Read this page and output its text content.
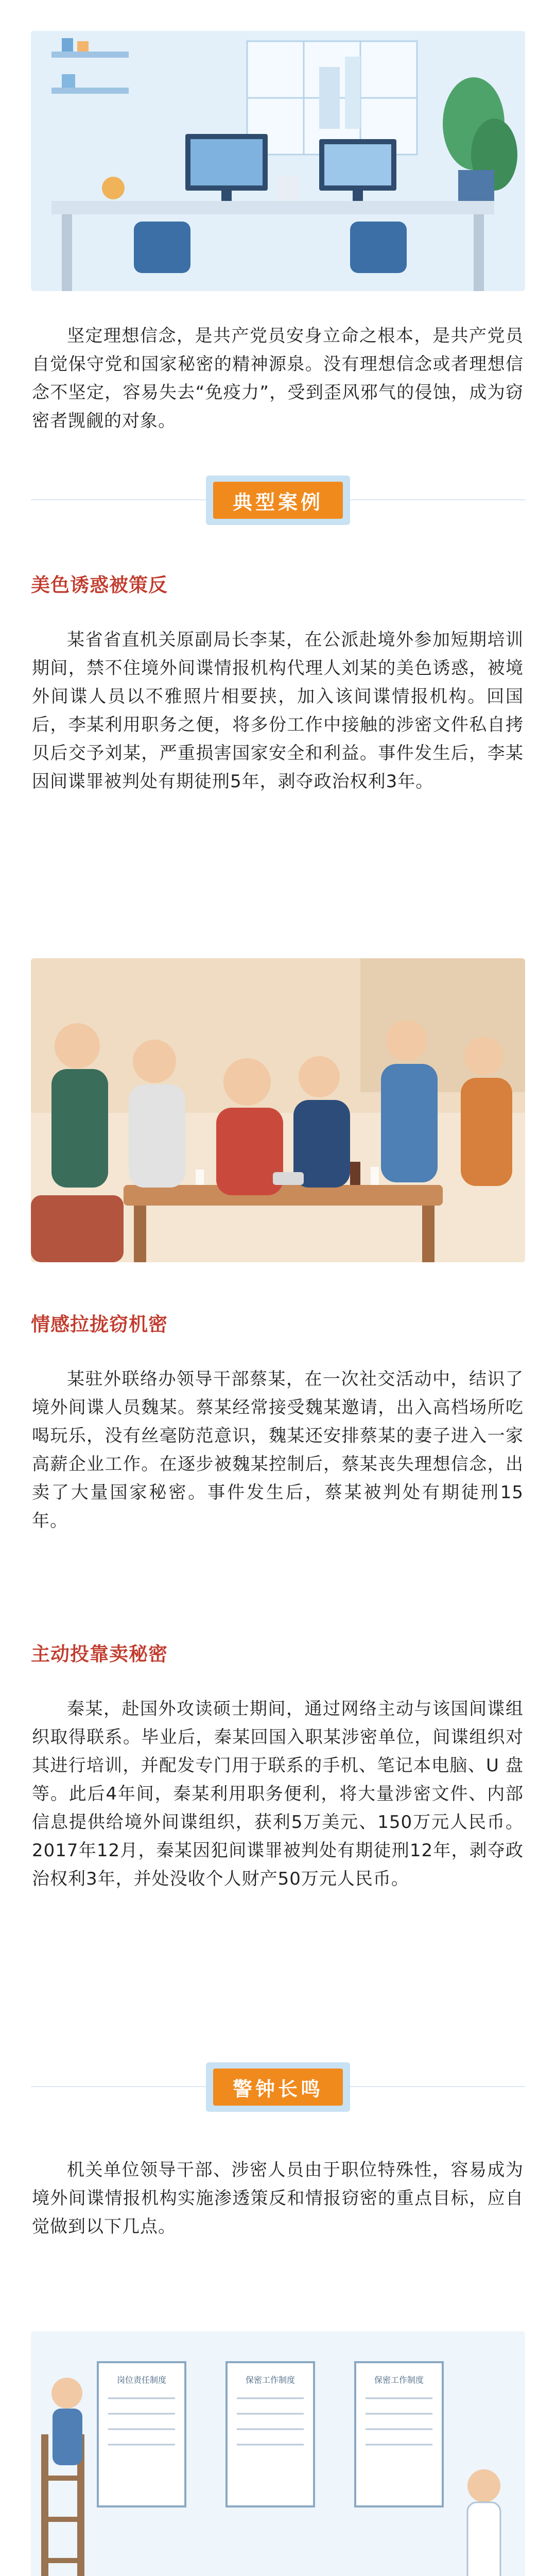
坚定理想信念，是共产党员安身立命之根本，是共产党员自觉保守党和国家秘密的精神源泉。没有理想信念或者理想信念不坚定，容易失去“免疫力”，受到歪风邪气的侵蚀，成为窃密者觊觎的对象。
典型案例
美色诱惑被策反
某省省直机关原副局长李某，在公派赴境外参加短期培训期间，禁不住境外间谍情报机构代理人刘某的美色诱惑，被境外间谍人员以不雅照片相要挟，加入该间谍情报机构。回国后，李某利用职务之便，将多份工作中接触的涉密文件私自拷贝后交予刘某，严重损害国家安全和利益。事件发生后，李某因间谍罪被判处有期徒刑5年，剥夺政治权利3年。
情感拉拢窃机密
某驻外联络办领导干部蔡某，在一次社交活动中，结识了境外间谍人员魏某。蔡某经常接受魏某邀请，出入高档场所吃喝玩乐，没有丝毫防范意识，魏某还安排蔡某的妻子进入一家高薪企业工作。在逐步被魏某控制后，蔡某丧失理想信念，出卖了大量国家秘密。事件发生后，蔡某被判处有期徒刑15年。
主动投靠卖秘密
秦某，赴国外攻读硕士期间，通过网络主动与该国间谍组织取得联系。毕业后，秦某回国入职某涉密单位，间谍组织对其进行培训，并配发专门用于联系的手机、笔记本电脑、U 盘等。此后4年间，秦某利用职务便利，将大量涉密文件、内部信息提供给境外间谍组织，获利5万美元、150万元人民币。2017年12月，秦某因犯间谍罪被判处有期徒刑12年，剥夺政治权利3年，并处没收个人财产50万元人民币。
警钟长鸣
机关单位领导干部、涉密人员由于职位特殊性，容易成为境外间谍情报机构实施渗透策反和情报窃密的重点目标，应自觉做到以下几点。
岗位责任制度	保密工作制度	保密工作制度
